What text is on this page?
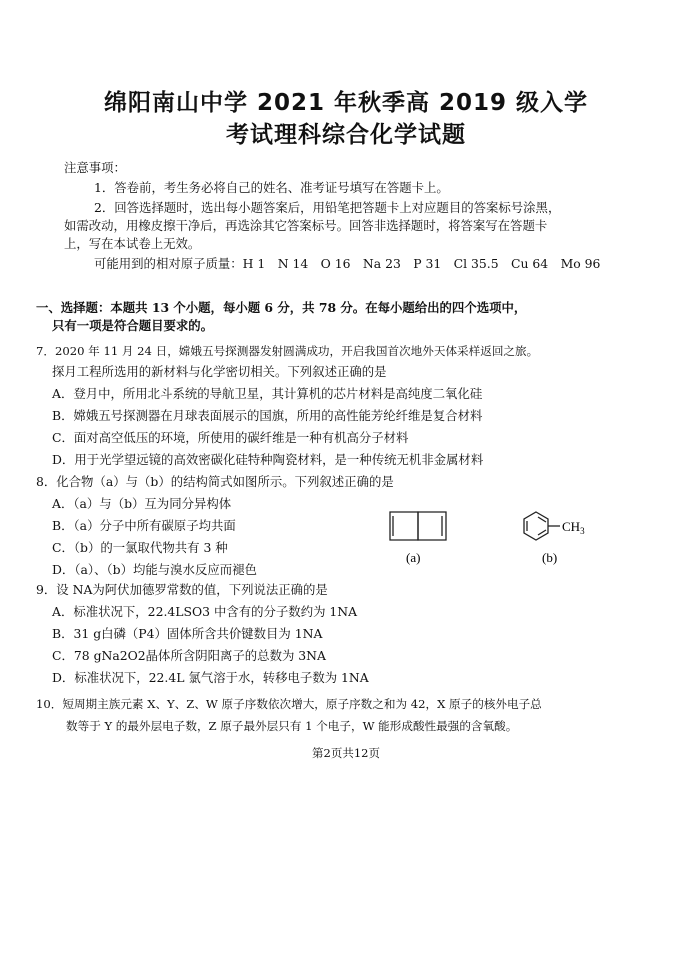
绵阳南山中学 2021 年秋季高 2019 级入学
考试理科综合化学试题
注意事项：
1．答卷前，考生务必将自己的姓名、准考证号填写在答题卡上。
2．回答选择题时，选出每小题答案后，用铅笔把答题卡上对应题目的答案标号涂黑，
如需改动，用橡皮擦干净后，再选涂其它答案标号。回答非选择题时，将答案写在答题卡
上，写在本试卷上无效。
可能用到的相对原子质量：H 1　N 14　O 16　Na 23　P 31　Cl 35.5　Cu 64　Mo 96
一、选择题：本题共 13 个小题，每小题 6 分，共 78 分。在每小题给出的四个选项中，
只有一项是符合题目要求的。
7．2020 年 11 月 24 日，嫦娥五号探测器发射圆满成功，开启我国首次地外天体采样返回之旅。
探月工程所选用的新材料与化学密切相关。下列叙述正确的是
A．登月中，所用北斗系统的导航卫星，其计算机的芯片材料是高纯度二氧化硅
B．嫦娥五号探测器在月球表面展示的国旗，所用的高性能芳纶纤维是复合材料
C．面对高空低压的环境，所使用的碳纤维是一种有机高分子材料
D．用于光学望远镜的高效密碳化硅特种陶瓷材料，是一种传统无机非金属材料
8．化合物（a）与（b）的结构简式如图所示。下列叙述正确的是
A．（a）与（b）互为同分异构体
B．（a）分子中所有碳原子均共面
C．（b）的一氯取代物共有 3 种
D．（a）、（b）均能与溴水反应而褪色
(a)
$CH_3$
(b)
9．设 NA为阿伏加德罗常数的值，下列说法正确的是
A．标准状况下，22.4LSO3 中含有的分子数约为 1NA
B．31 g白磷（P4）固体所含共价键数目为 1NA
C．78 gNa2O2晶体所含阴阳离子的总数为 3NA
D．标准状况下，22.4L 氯气溶于水，转移电子数为 1NA
10．短周期主族元素 X、Y、Z、W 原子序数依次增大，原子序数之和为 42，X 原子的核外电子总
数等于 Y 的最外层电子数，Z 原子最外层只有 1 个电子，W 能形成酸性最强的含氧酸。
第2页共12页
